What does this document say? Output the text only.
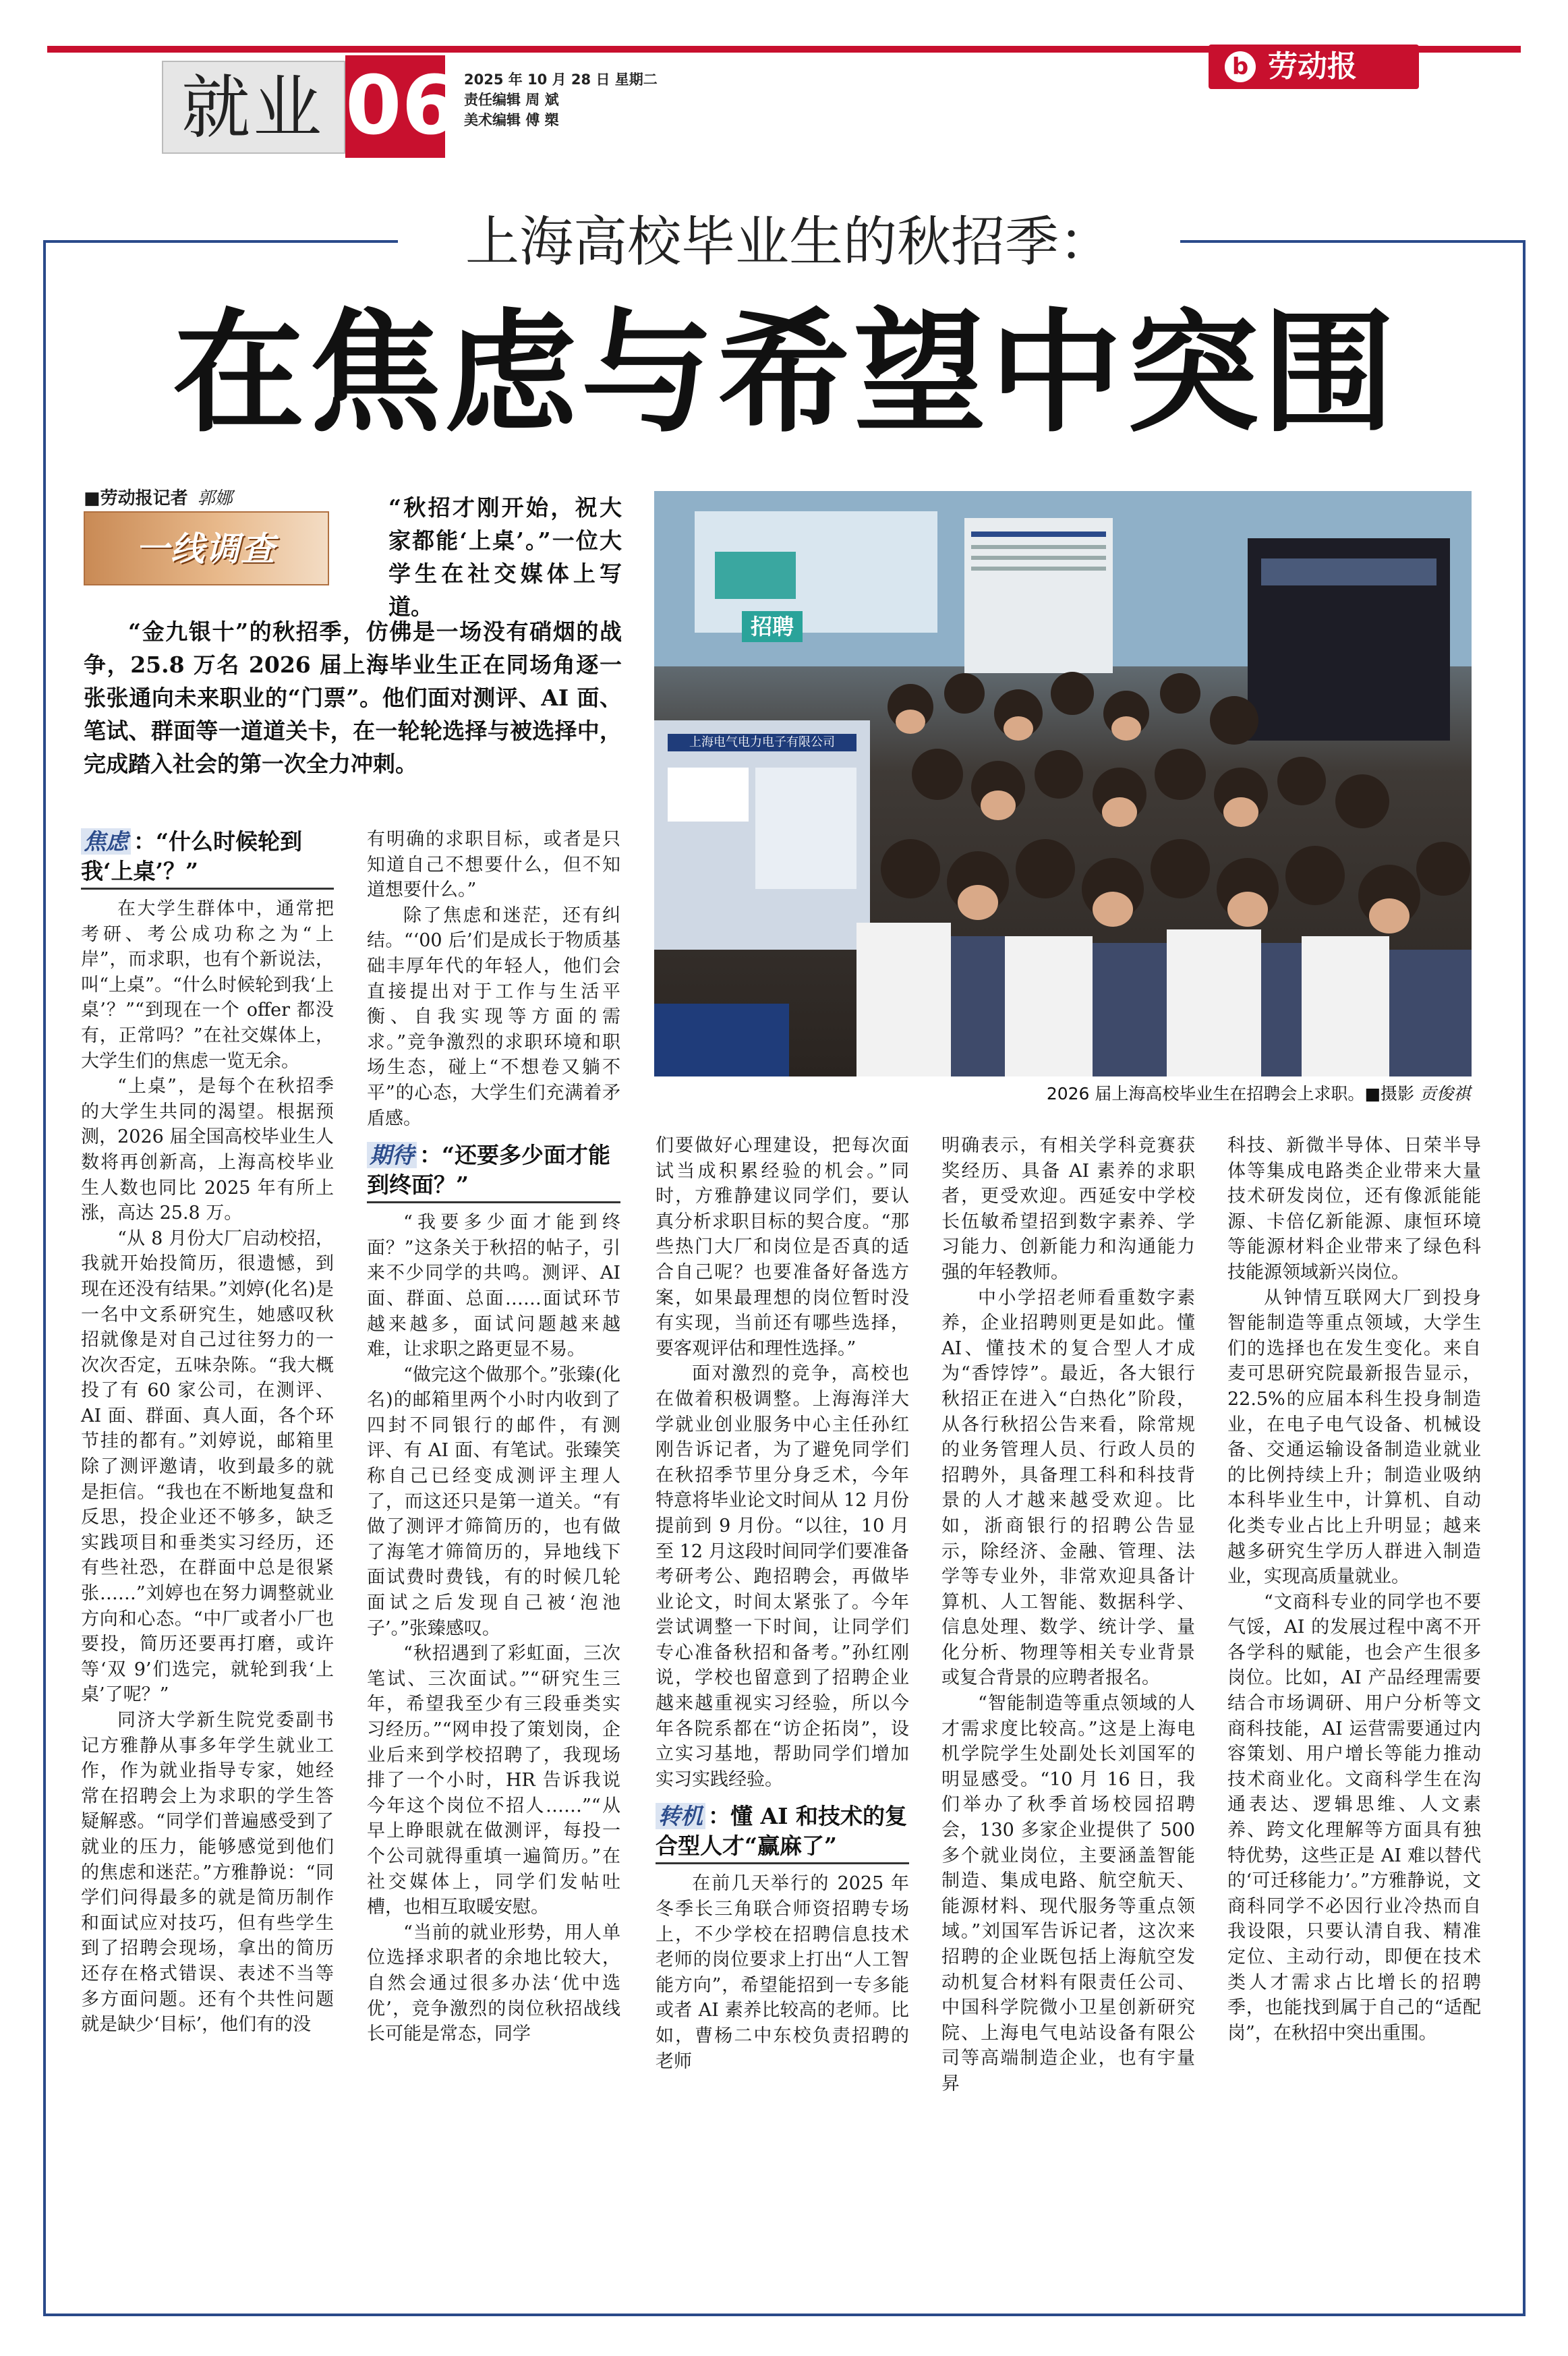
就业 06 2025 年 10 月 28 日 星期二
责任编辑 周 斌
美术编辑 傅 槊
劳动报
b
上海高校毕业生的秋招季：
在焦虑与希望中突围
■劳动报记者 郭娜
一线调查
“秋招才刚开始，祝大家都能‘上桌’。”一位大学生在社交媒体上写道。
“金九银十”的秋招季，仿佛是一场没有硝烟的战争，25.8 万名 2026 届上海毕业生正在同场角逐一张张通向未来职业的“门票”。他们面对测评、AI 面、笔试、群面等一道道关卡，在一轮轮选择与被选择中，完成踏入社会的第一次全力冲刺。
招聘
上海电气电力电子有限公司
2026 届上海高校毕业生在招聘会上求职。■摄影 贡俊祺
焦虑 ：“什么时候轮到我‘上桌’？”

在大学生群体中，通常把考研、考公成功称之为“上岸”，而求职，也有个新说法，叫“上桌”。“什么时候轮到我‘上桌’？”“到现在一个 offer 都没有，正常吗？”在社交媒体上，大学生们的焦虑一览无余。

“上桌”，是每个在秋招季的大学生共同的渴望。根据预测，2026 届全国高校毕业生人数将再创新高，上海高校毕业生人数也同比 2025 年有所上涨，高达 25.8 万。

“从 8 月份大厂启动校招，我就开始投简历，很遗憾，到现在还没有结果。”刘婷(化名)是一名中文系研究生，她感叹秋招就像是对自己过往努力的一次次否定，五味杂陈。“我大概投了有 60 家公司，在测评、AI 面、群面、真人面，各个环节挂的都有。”刘婷说，邮箱里除了测评邀请，收到最多的就是拒信。“我也在不断地复盘和反思，投企业还不够多，缺乏实践项目和垂类实习经历，还有些社恐，在群面中总是很紧张……”刘婷也在努力调整就业方向和心态。“中厂或者小厂也要投，简历还要再打磨，或许等‘双 9’们选完，就轮到我‘上桌’了呢？”

同济大学新生院党委副书记方雅静从事多年学生就业工作，作为就业指导专家，她经常在招聘会上为求职的学生答疑解惑。“同学们普遍感受到了就业的压力，能够感觉到他们的焦虑和迷茫。”方雅静说：“同学们问得最多的就是简历制作和面试应对技巧，但有些学生到了招聘会现场，拿出的简历还存在格式错误、表述不当等多方面问题。还有个共性问题就是缺少‘目标’，他们有的没

有明确的求职目标，或者是只知道自己不想要什么，但不知道想要什么。”

除了焦虑和迷茫，还有纠结。“‘00 后’们是成长于物质基础丰厚年代的年轻人，他们会直接提出对于工作与生活平衡、自我实现等方面的需求。”竞争激烈的求职环境和职场生态，碰上“不想卷又躺不平”的心态，大学生们充满着矛盾感。

期待 ：“还要多少面才能到终面？”

“我要多少面才能到终面？”这条关于秋招的帖子，引来不少同学的共鸣。测评、AI 面、群面、总面……面试环节越来越多，面试问题越来越难，让求职之路更显不易。

“做完这个做那个。”张臻(化名)的邮箱里两个小时内收到了四封不同银行的邮件，有测评、有 AI 面、有笔试。张臻笑称自己已经变成测评主理人了，而这还只是第一道关。“有做了测评才筛简历的，也有做了海笔才筛简历的，异地线下面试费时费钱，有的时候几轮面试之后发现自己被‘泡池子’。”张臻感叹。

“秋招遇到了彩虹面，三次笔试、三次面试。”“研究生三年，希望我至少有三段垂类实习经历。”“网申投了策划岗，企业后来到学校招聘了，我现场排了一个小时，HR 告诉我说今年这个岗位不招人……”“从早上睁眼就在做测评，每投一个公司就得重填一遍简历。”在社交媒体上，同学们发帖吐槽，也相互取暖安慰。

“当前的就业形势，用人单位选择求职者的余地比较大，自然会通过很多办法‘优中选优’，竞争激烈的岗位秋招战线长可能是常态，同学

们要做好心理建设，把每次面试当成积累经验的机会。”同时，方雅静建议同学们，要认真分析求职目标的契合度。“那些热门大厂和岗位是否真的适合自己呢？也要准备好备选方案，如果最理想的岗位暂时没有实现，当前还有哪些选择，要客观评估和理性选择。”

面对激烈的竞争，高校也在做着积极调整。上海海洋大学就业创业服务中心主任孙红刚告诉记者，为了避免同学们在秋招季节里分身乏术，今年特意将毕业论文时间从 12 月份提前到 9 月份。“以往，10 月至 12 月这段时间同学们要准备考研考公、跑招聘会，再做毕业论文，时间太紧张了。今年尝试调整一下时间，让同学们专心准备秋招和备考。”孙红刚说，学校也留意到了招聘企业越来越重视实习经验，所以今年各院系都在“访企拓岗”，设立实习基地，帮助同学们增加实习实践经验。

转机 ：懂 AI 和技术的复合型人才“赢麻了”

在前几天举行的 2025 年冬季长三角联合师资招聘专场上，不少学校在招聘信息技术老师的岗位要求上打出“人工智能方向”，希望能招到一专多能或者 AI 素养比较高的老师。比如，曹杨二中东校负责招聘的老师

明确表示，有相关学科竞赛获奖经历、具备 AI 素养的求职者，更受欢迎。西延安中学校长伍敏希望招到数字素养、学习能力、创新能力和沟通能力强的年轻教师。

中小学招老师看重数字素养，企业招聘则更是如此。懂 AI、懂技术的复合型人才成为“香饽饽”。最近，各大银行秋招正在进入“白热化”阶段，从各行秋招公告来看，除常规的业务管理人员、行政人员的招聘外，具备理工科和科技背景的人才越来越受欢迎。比如，浙商银行的招聘公告显示，除经济、金融、管理、法学等专业外，非常欢迎具备计算机、人工智能、数据科学、信息处理、数学、统计学、量化分析、物理等相关专业背景或复合背景的应聘者报名。

“智能制造等重点领域的人才需求度比较高。”这是上海电机学院学生处副处长刘国军的明显感受。“10 月 16 日，我们举办了秋季首场校园招聘会，130 多家企业提供了 500 多个就业岗位，主要涵盖智能制造、集成电路、航空航天、能源材料、现代服务等重点领域。”刘国军告诉记者，这次来招聘的企业既包括上海航空发动机复合材料有限责任公司、中国科学院微小卫星创新研究院、上海电气电站设备有限公司等高端制造企业，也有宇量昇

科技、新微半导体、日荣半导体等集成电路类企业带来大量技术研发岗位，还有像派能能源、卡倍亿新能源、康恒环境等能源材料企业带来了绿色科技能源领域新兴岗位。

从钟情互联网大厂到投身智能制造等重点领域，大学生们的选择也在发生变化。来自麦可思研究院最新报告显示，22.5%的应届本科生投身制造业，在电子电气设备、机械设备、交通运输设备制造业就业的比例持续上升；制造业吸纳本科毕业生中，计算机、自动化类专业占比上升明显；越来越多研究生学历人群进入制造业，实现高质量就业。

“文商科专业的同学也不要气馁，AI 的发展过程中离不开各学科的赋能，也会产生很多岗位。比如，AI 产品经理需要结合市场调研、用户分析等文商科技能，AI 运营需要通过内容策划、用户增长等能力推动技术商业化。文商科学生在沟通表达、逻辑思维、人文素养、跨文化理解等方面具有独特优势，这些正是 AI 难以替代的‘可迁移能力’。”方雅静说，文商科同学不必因行业冷热而自我设限，只要认清自我、精准定位、主动行动，即便在技术类人才需求占比增长的招聘季，也能找到属于自己的“适配岗”，在秋招中突出重围。
